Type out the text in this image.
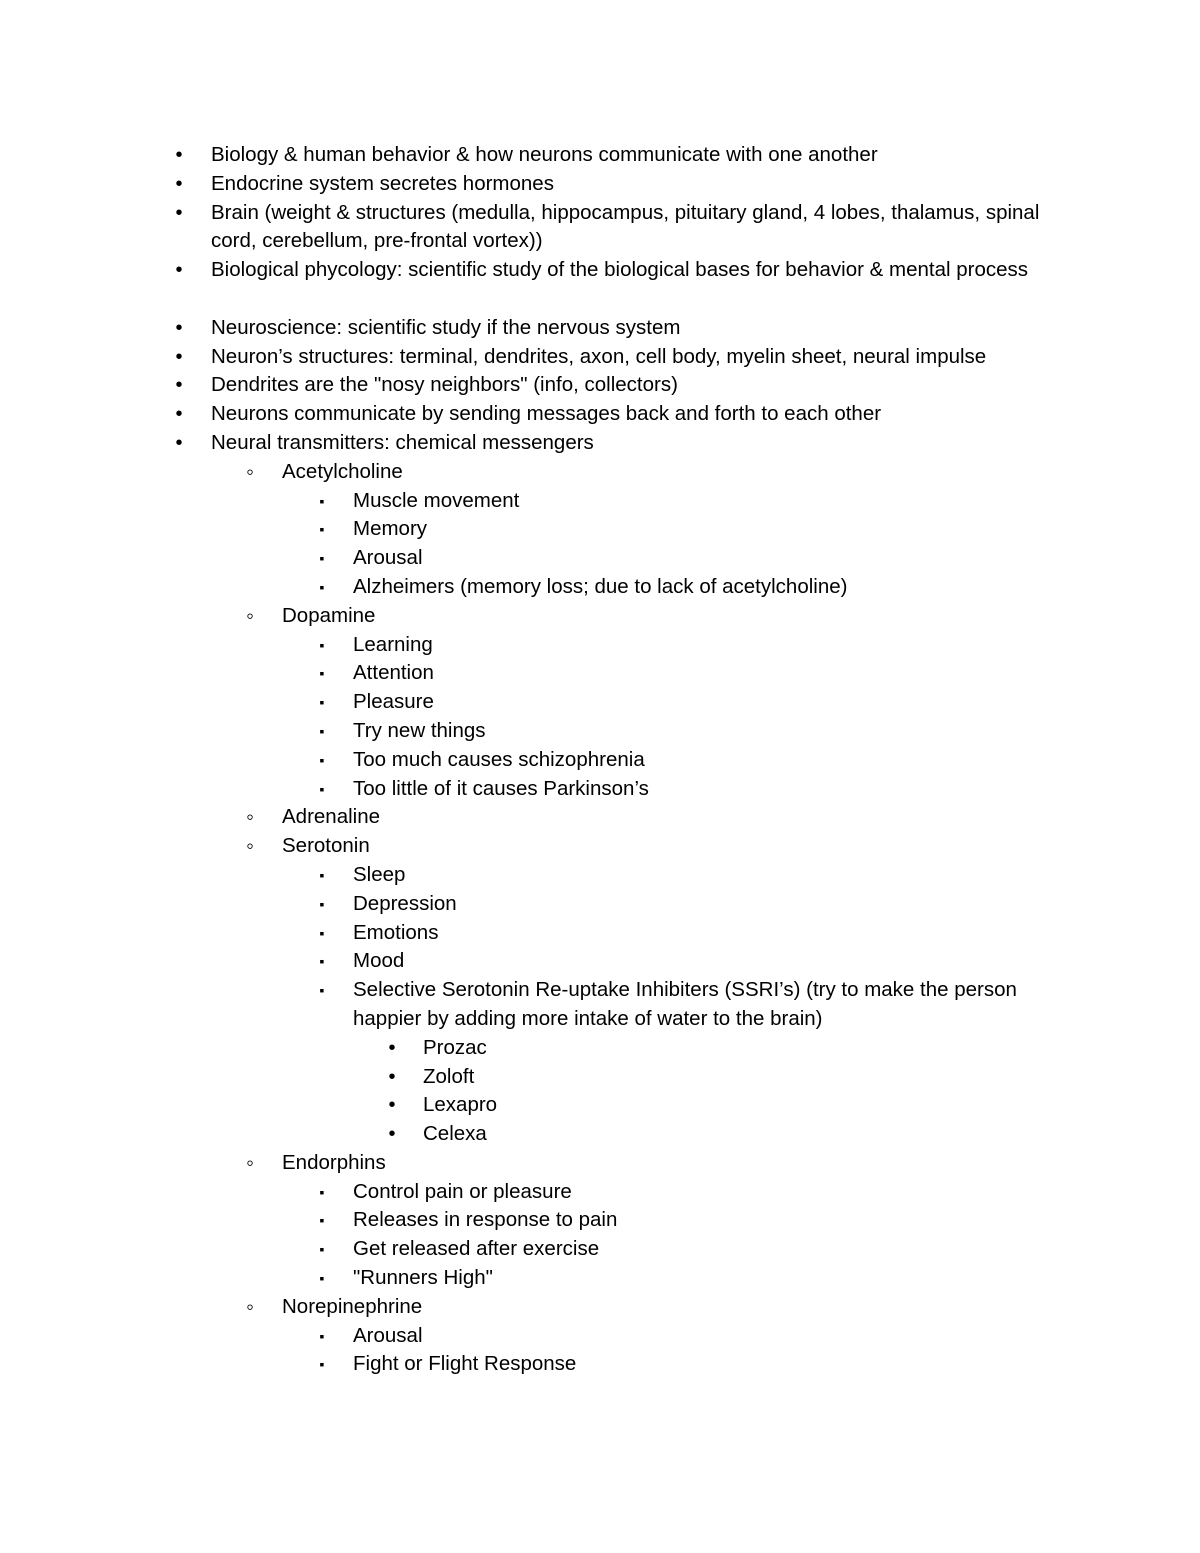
•
Biology & human behavior & how neurons communicate with one another
•
Endocrine system secretes hormones
•
Brain (weight & structures (medulla, hippocampus, pituitary gland, 4 lobes, thalamus, spinal cord, cerebellum, pre-frontal vortex))
•
Biological phycology: scientific study of the biological bases for behavior & mental process
•
Neuroscience: scientific study if the nervous system
•
Neuron’s structures: terminal, dendrites, axon, cell body, myelin sheet, neural impulse
•
Dendrites are the "nosy neighbors" (info, collectors)
•
Neurons communicate by sending messages back and forth to each other
•
Neural transmitters: chemical messengers
◦
Acetylcholine
▪
Muscle movement
▪
Memory
▪
Arousal
▪
Alzheimers (memory loss; due to lack of acetylcholine)
◦
Dopamine
▪
Learning
▪
Attention
▪
Pleasure
▪
Try new things
▪
Too much causes schizophrenia
▪
Too little of it causes Parkinson’s
◦
Adrenaline
◦
Serotonin
▪
Sleep
▪
Depression
▪
Emotions
▪
Mood
▪
Selective Serotonin Re-uptake Inhibiters (SSRI’s) (try to make the person happier by adding more intake of water to the brain)
•
Prozac
•
Zoloft
•
Lexapro
•
Celexa
◦
Endorphins
▪
Control pain or pleasure
▪
Releases in response to pain
▪
Get released after exercise
▪
"Runners High"
◦
Norepinephrine
▪
Arousal
▪
Fight or Flight Response
